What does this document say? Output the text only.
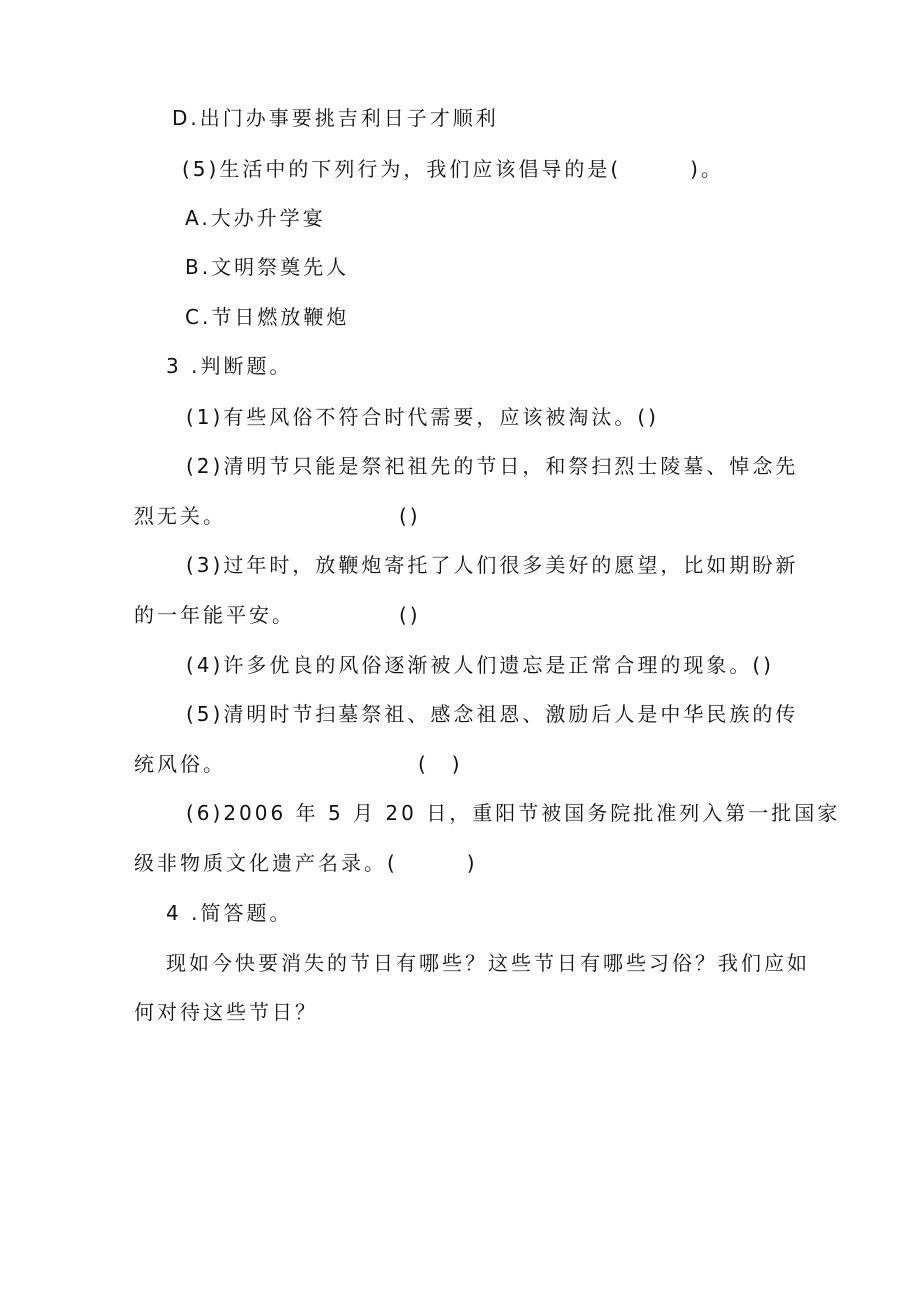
D.出门办事要挑吉利日子才顺利
(5)生活中的下列行为，我们应该倡导的是(　　　)。
A.大办升学宴
B.文明祭奠先人
C.节日燃放鞭炮
3 .判断题。
(1)有些风俗不符合时代需要，应该被淘汰。()
(2)清明节只能是祭祀祖先的节日，和祭扫烈士陵墓、悼念先
烈无关。	()
(3)过年时，放鞭炮寄托了人们很多美好的愿望，比如期盼新
的一年能平安。	()
(4)许多优良的风俗逐渐被人们遗忘是正常合理的现象。()
(5)清明时节扫墓祭祖、感念祖恩、激励后人是中华民族的传
统风俗。	(　)
(6)2006 年 5 月 20 日，重阳节被国务院批准列入第一批国家
级非物质文化遗产名录。(　　　)
4 .简答题。
现如今快要消失的节日有哪些？这些节日有哪些习俗？我们应如
何对待这些节日？
